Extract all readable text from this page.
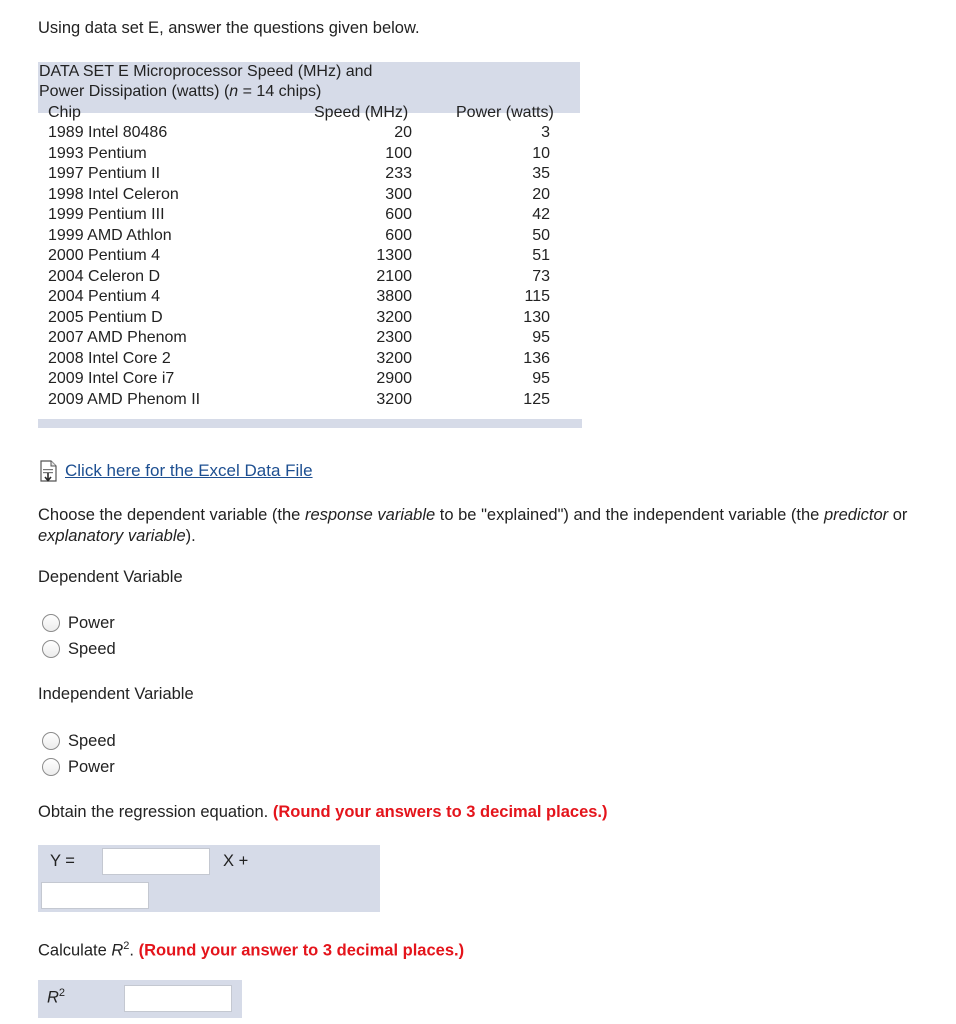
Using data set E, answer the questions given below.
DATA SET E Microprocessor Speed (MHz) and
Power Dissipation (watts) (n = 14 chips)
Chip	Speed (MHz)	Power (watts)
1989 Intel 80486	20	3
1993 Pentium	100	10
1997 Pentium II	233	35
1998 Intel Celeron	300	20
1999 Pentium III	600	42
1999 AMD Athlon	600	50
2000 Pentium 4	1300	51
2004 Celeron D	2100	73
2004 Pentium 4	3800	115
2005 Pentium D	3200	130
2007 AMD Phenom	2300	95
2008 Intel Core 2	3200	136
2009 Intel Core i7	2900	95
2009 AMD Phenom II	3200	125
Click here for the Excel Data File
Choose the dependent variable (the response variable to be "explained") and the independent variable (the predictor or explanatory variable).
Dependent Variable
Power
Speed
Independent Variable
Speed
Power
Obtain the regression equation. (Round your answers to 3 decimal places.)
Y =	X +
Calculate $R^2$. (Round your answer to 3 decimal places.)
$R^2$
